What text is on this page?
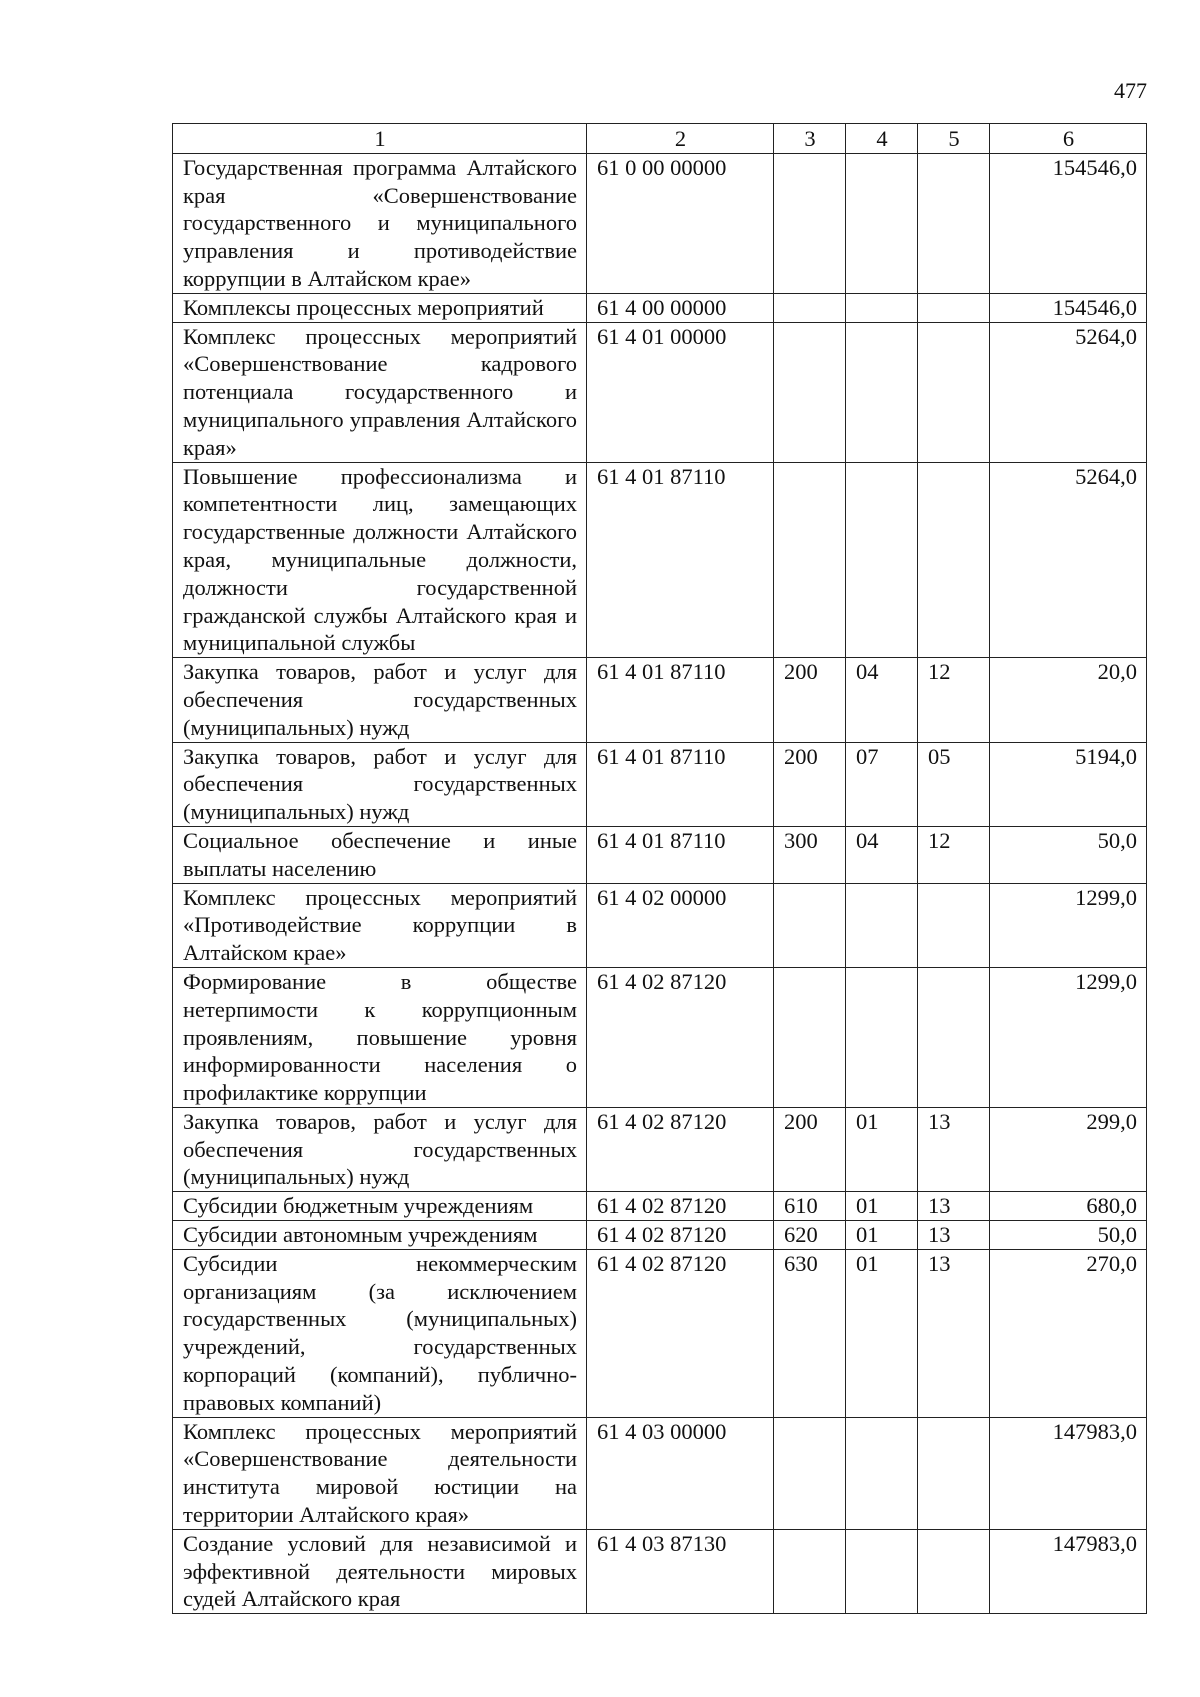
477
1	2	3	4	5	6
Государственная программа Алтайского края «Совершенствование государственного и муниципального управления и противодействие коррупции в Алтайском крае»	61 0 00 00000				154546,0
Комплексы процессных мероприятий	61 4 00 00000				154546,0
Комплекс процессных мероприятий «Совершенствование кадрового потенциала государственного и муниципального управления Алтайского края»	61 4 01 00000				5264,0
Повышение профессионализма и компетентности лиц, замещающих государственные должности Алтайского края, муниципальные должности, должности государственной гражданской службы Алтайского края и муниципальной службы	61 4 01 87110				5264,0
Закупка товаров, работ и услуг для обеспечения государственных (муниципальных) нужд	61 4 01 87110	200	04	12	20,0
Закупка товаров, работ и услуг для обеспечения государственных (муниципальных) нужд	61 4 01 87110	200	07	05	5194,0
Социальное обеспечение и иные выплаты населению	61 4 01 87110	300	04	12	50,0
Комплекс процессных мероприятий «Противодействие коррупции в Алтайском крае»	61 4 02 00000				1299,0
Формирование в обществе нетерпимости к коррупционным проявлениям, повышение уровня информированности населения о профилактике коррупции	61 4 02 87120				1299,0
Закупка товаров, работ и услуг для обеспечения государственных (муниципальных) нужд	61 4 02 87120	200	01	13	299,0
Субсидии бюджетным учреждениям	61 4 02 87120	610	01	13	680,0
Субсидии автономным учреждениям	61 4 02 87120	620	01	13	50,0
Субсидии некоммерческим организациям (за исключением государственных (муниципальных) учреждений, государственных корпораций (компаний), публично-правовых компаний)	61 4 02 87120	630	01	13	270,0
Комплекс процессных мероприятий «Совершенствование деятельности института мировой юстиции на территории Алтайского края»	61 4 03 00000				147983,0
Создание условий для независимой и эффективной деятельности мировых судей Алтайского края	61 4 03 87130				147983,0
